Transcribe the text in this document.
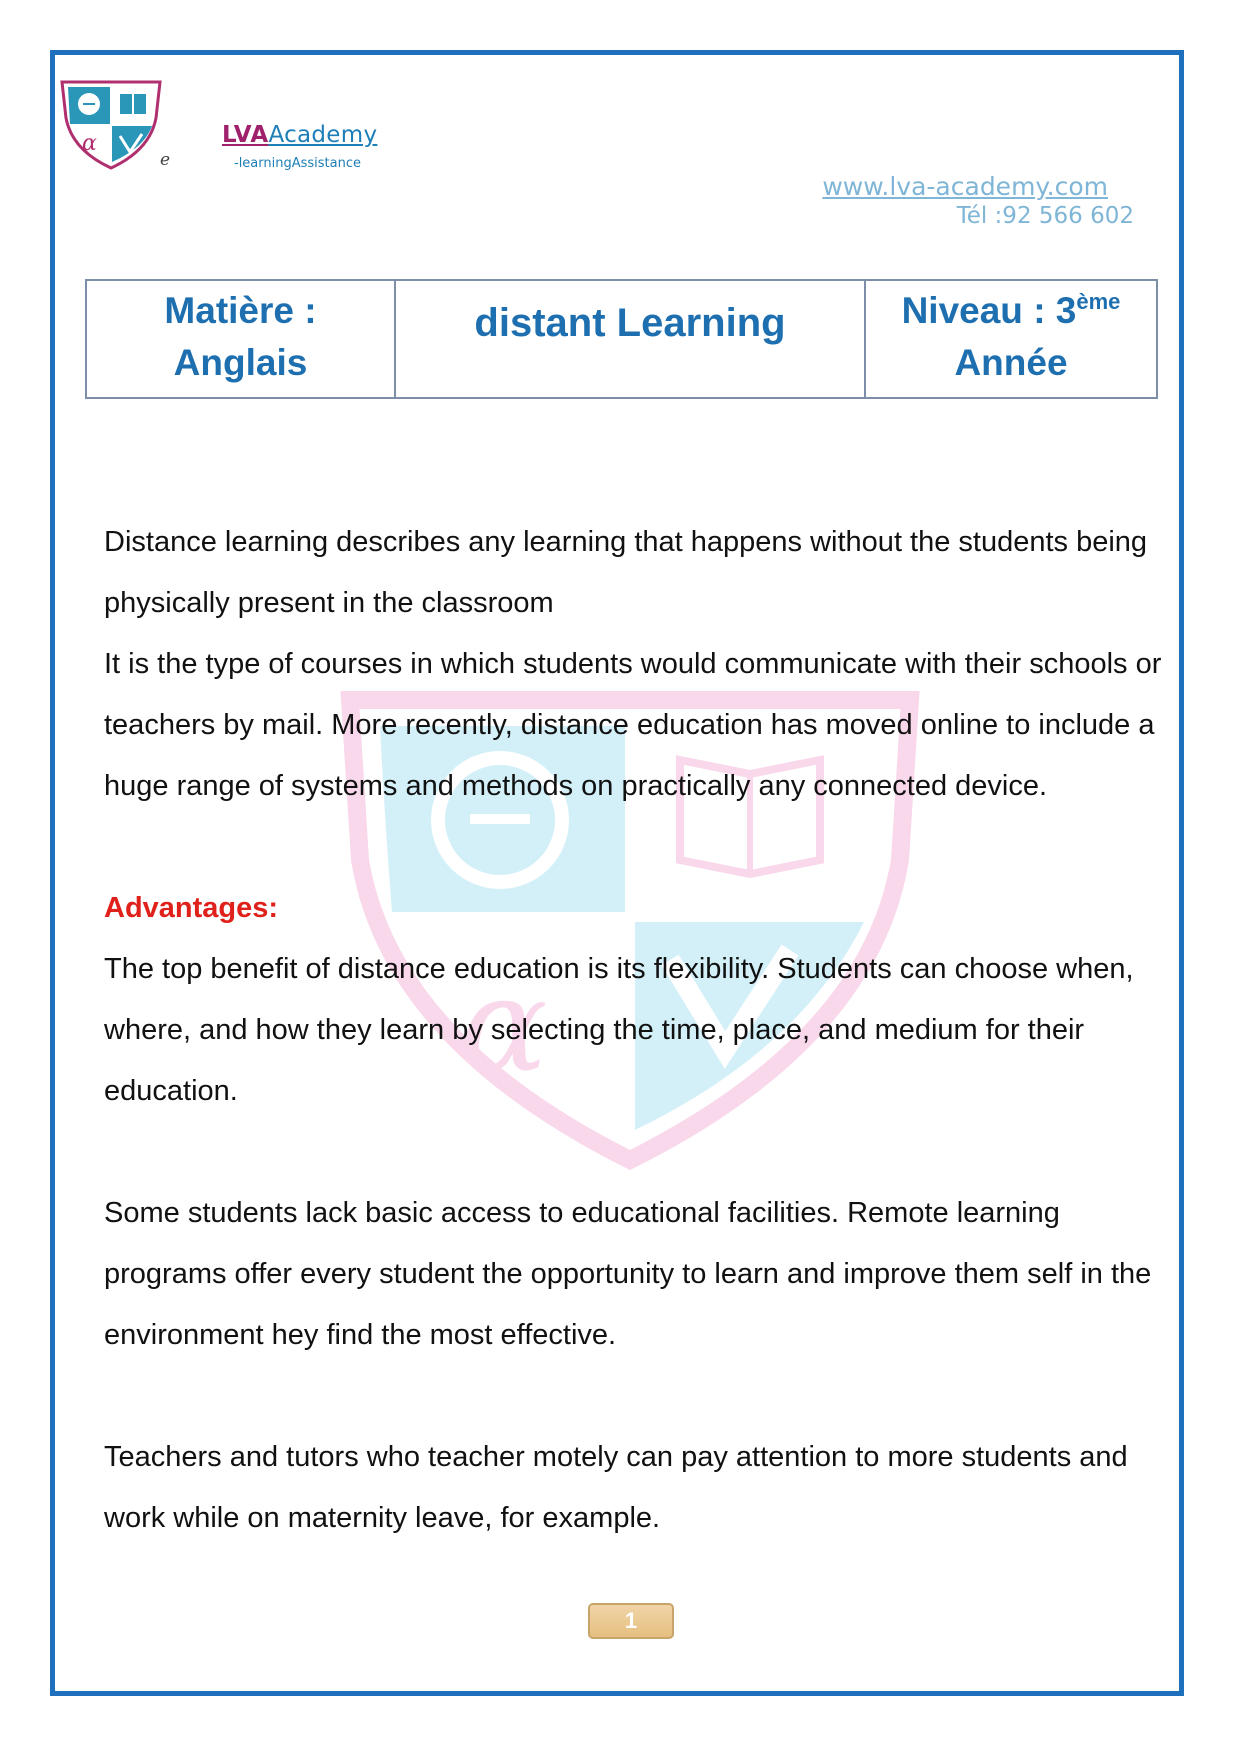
α
e
LVAAcademy
-learningAssistance
www.lva-academy.com
Tél :92 566 602
Matière :
Anglais
distant Learning	Niveau : 3ème
Année
α

Distance learning describes any learning that happens without the students being physically present in the classroom

It is the type of courses in which students would communicate with their schools or teachers by mail. More recently, distance education has moved online to include a huge range of systems and methods on practically any connected device.

Advantages:

The top benefit of distance education is its flexibility. Students can choose when, where, and how they learn by selecting the time, place, and medium for their education.

Some students lack basic access to educational facilities. Remote learning programs offer every student the opportunity to learn and improve them self in the environment hey find the most effective.

Teachers and tutors who teacher motely can pay attention to more students and work while on maternity leave, for example.

1
